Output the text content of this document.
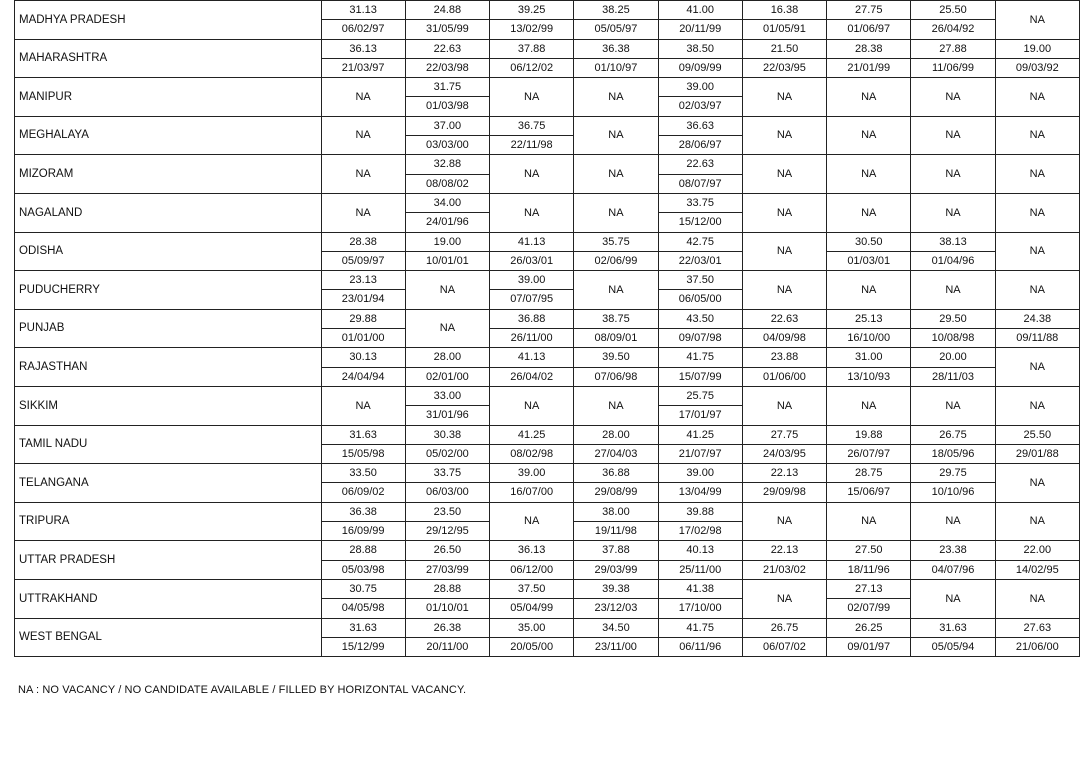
MADHYA PRADESH	31.13	24.88	39.25	38.25	41.00	16.38	27.75	25.50	NA
	06/02/97	31/05/99	13/02/99	05/05/97	20/11/99	01/05/91	01/06/97	26/04/92	
MAHARASHTRA	36.13	22.63	37.88	36.38	38.50	21.50	28.38	27.88	19.00
	21/03/97	22/03/98	06/12/02	01/10/97	09/09/99	22/03/95	21/01/99	11/06/99	09/03/92
MANIPUR	NA	31.75	NA	NA	39.00	NA	NA	NA	NA
		01/03/98			02/03/97				
MEGHALAYA	NA	37.00	36.75	NA	36.63	NA	NA	NA	NA
		03/03/00	22/11/98		28/06/97				
MIZORAM	NA	32.88	NA	NA	22.63	NA	NA	NA	NA
		08/08/02			08/07/97				
NAGALAND	NA	34.00	NA	NA	33.75	NA	NA	NA	NA
		24/01/96			15/12/00				
ODISHA	28.38	19.00	41.13	35.75	42.75	NA	30.50	38.13	NA
	05/09/97	10/01/01	26/03/01	02/06/99	22/03/01		01/03/01	01/04/96	
PUDUCHERRY	23.13	NA	39.00	NA	37.50	NA	NA	NA	NA
	23/01/94		07/07/95		06/05/00				
PUNJAB	29.88	NA	36.88	38.75	43.50	22.63	25.13	29.50	24.38
	01/01/00		26/11/00	08/09/01	09/07/98	04/09/98	16/10/00	10/08/98	09/11/88
RAJASTHAN	30.13	28.00	41.13	39.50	41.75	23.88	31.00	20.00	NA
	24/04/94	02/01/00	26/04/02	07/06/98	15/07/99	01/06/00	13/10/93	28/11/03	
SIKKIM	NA	33.00	NA	NA	25.75	NA	NA	NA	NA
		31/01/96			17/01/97				
TAMIL NADU	31.63	30.38	41.25	28.00	41.25	27.75	19.88	26.75	25.50
	15/05/98	05/02/00	08/02/98	27/04/03	21/07/97	24/03/95	26/07/97	18/05/96	29/01/88
TELANGANA	33.50	33.75	39.00	36.88	39.00	22.13	28.75	29.75	NA
	06/09/02	06/03/00	16/07/00	29/08/99	13/04/99	29/09/98	15/06/97	10/10/96	
TRIPURA	36.38	23.50	NA	38.00	39.88	NA	NA	NA	NA
	16/09/99	29/12/95		19/11/98	17/02/98				
UTTAR PRADESH	28.88	26.50	36.13	37.88	40.13	22.13	27.50	23.38	22.00
	05/03/98	27/03/99	06/12/00	29/03/99	25/11/00	21/03/02	18/11/96	04/07/96	14/02/95
UTTRAKHAND	30.75	28.88	37.50	39.38	41.38	NA	27.13	NA	NA
	04/05/98	01/10/01	05/04/99	23/12/03	17/10/00		02/07/99		
WEST BENGAL	31.63	26.38	35.00	34.50	41.75	26.75	26.25	31.63	27.63
	15/12/99	20/11/00	20/05/00	23/11/00	06/11/96	06/07/02	09/01/97	05/05/94	21/06/00
NA : NO VACANCY / NO CANDIDATE AVAILABLE / FILLED BY HORIZONTAL VACANCY.
